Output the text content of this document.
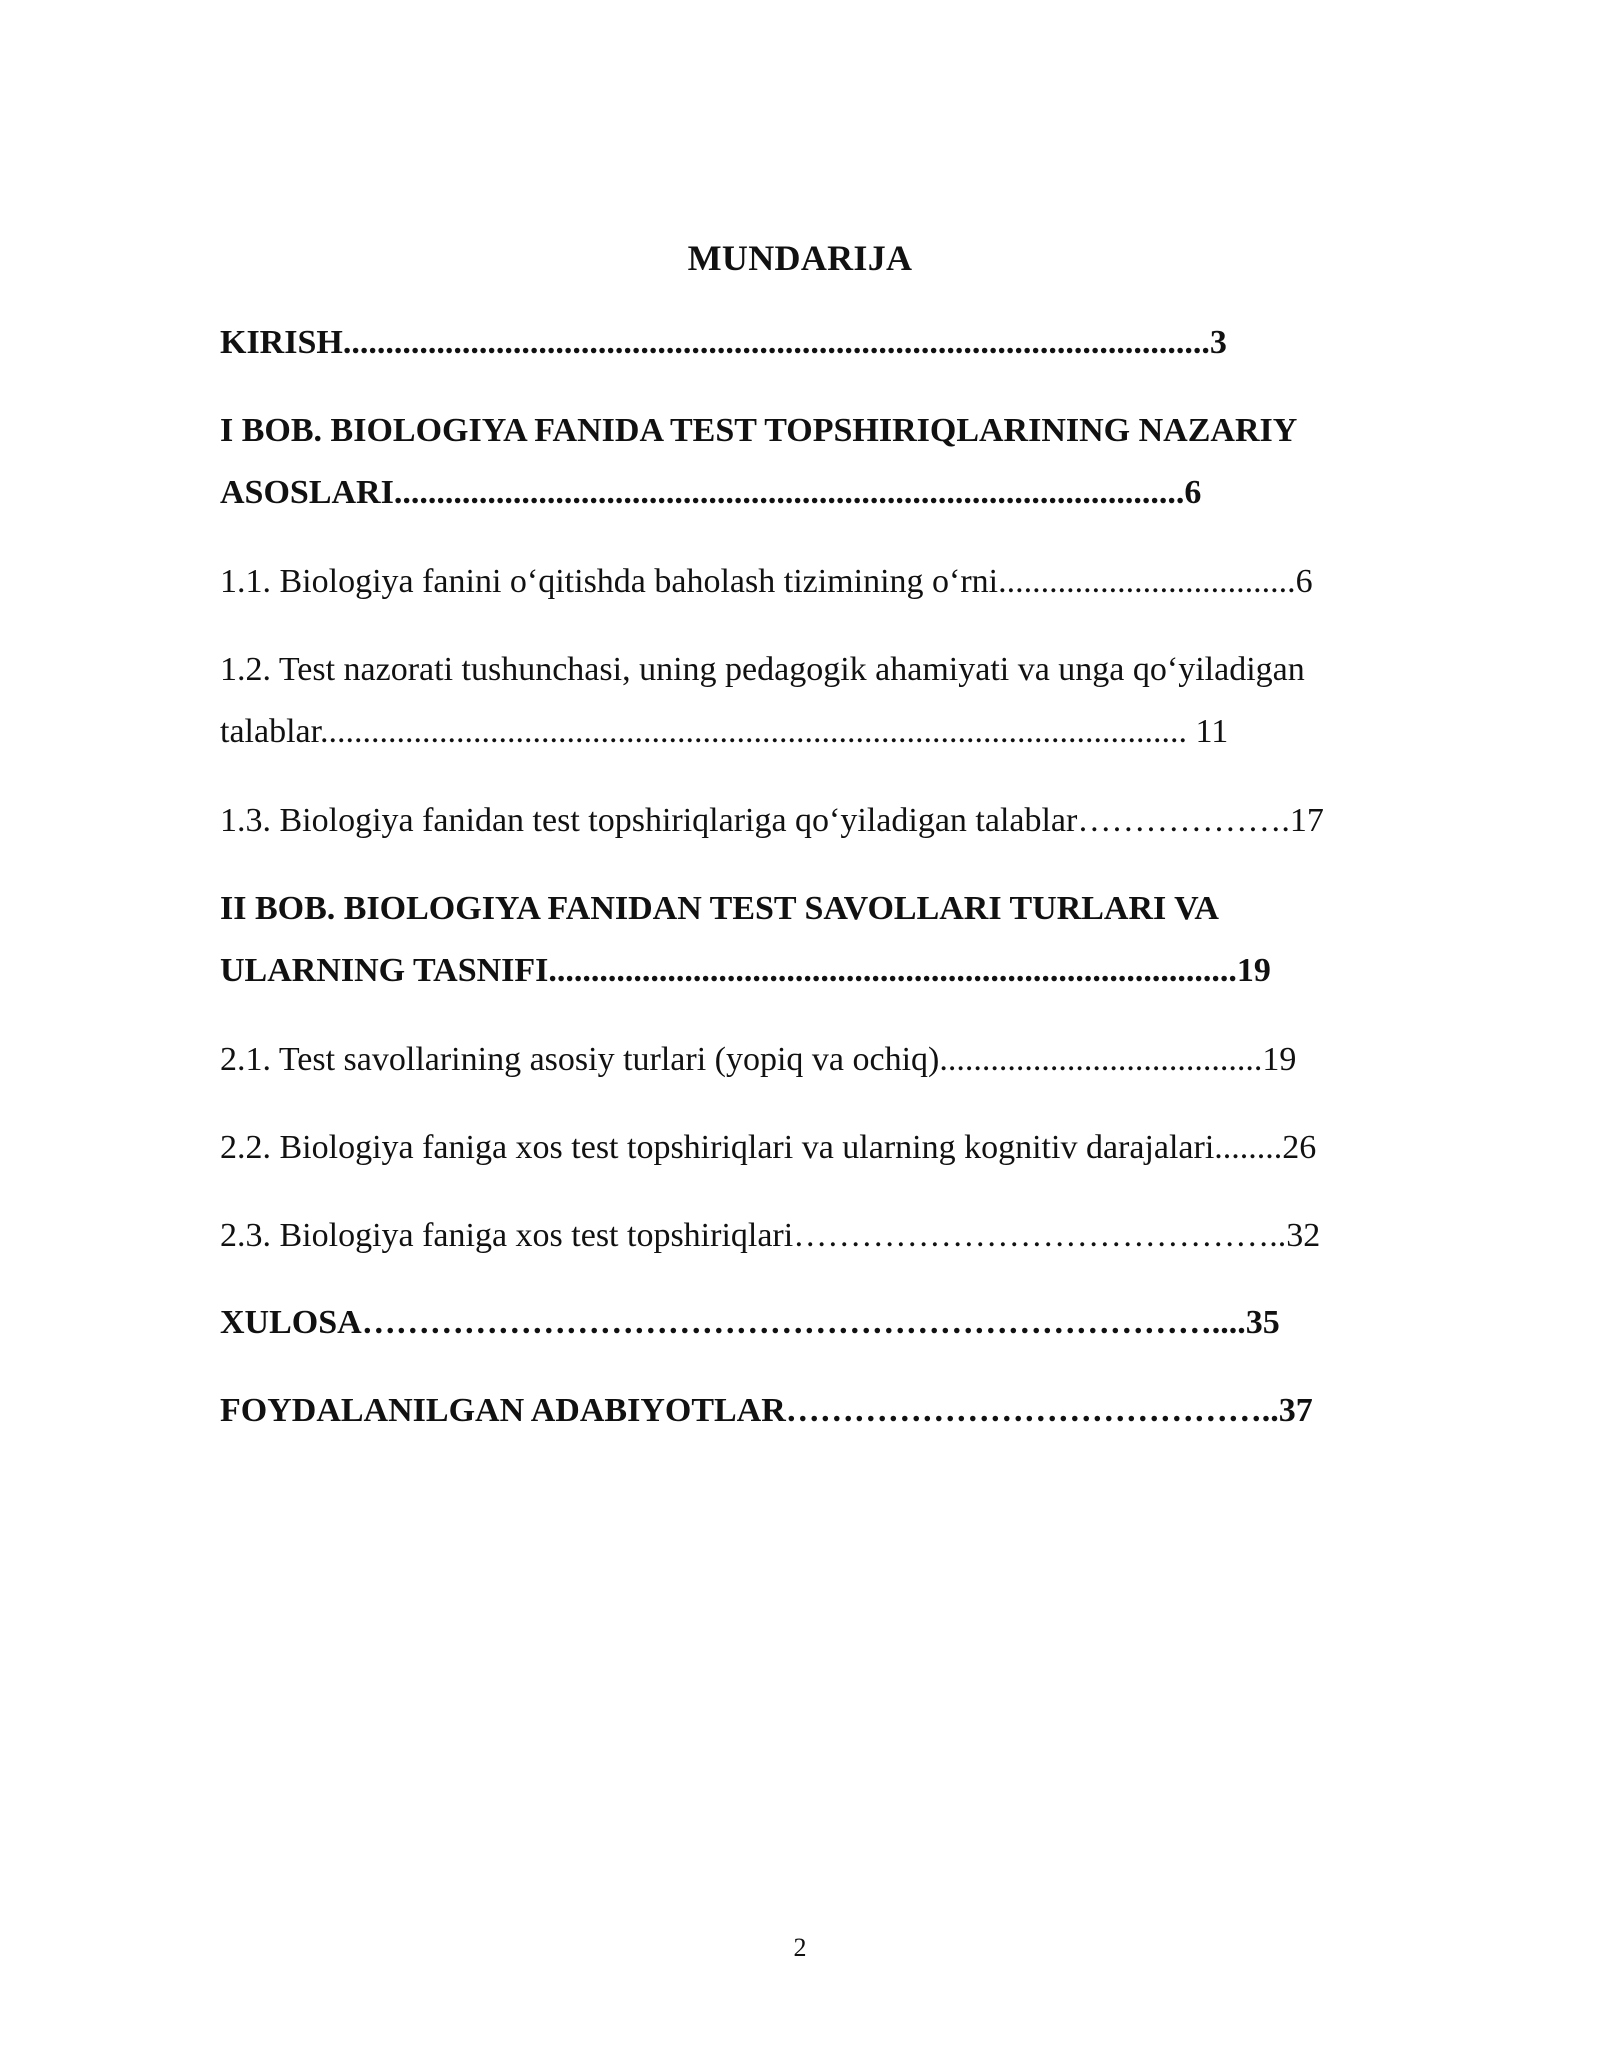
MUNDARIJA
KIRISH......................................................................................................3
I BOB. BIOLOGIYA FANIDA TEST TOPSHIRIQLARINING NAZARIY
ASOSLARI.............................................................................................6
1.1. Biologiya fanini o‘qitishda baholash tizimining o‘rni...................................6
1.2. Test nazorati tushunchasi, uning pedagogik ahamiyati va unga qo‘yiladigan
talablar...................................................................................................... 11
1.3. Biologiya fanidan test topshiriqlariga qo‘yiladigan talablar……………….17
II BOB. BIOLOGIYA FANIDAN TEST SAVOLLARI TURLARI VA
ULARNING TASNIFI.................................................................................19
2.1. Test savollarining asosiy turlari (yopiq va ochiq)......................................19
2.2. Biologiya faniga xos test topshiriqlari va ularning kognitiv darajalari........26
2.3. Biologiya faniga xos test topshiriqlari……………………………………..32
XULOSA…………………………………………………………………....35
FOYDALANILGAN ADABIYOTLAR……………………………………..37
2
